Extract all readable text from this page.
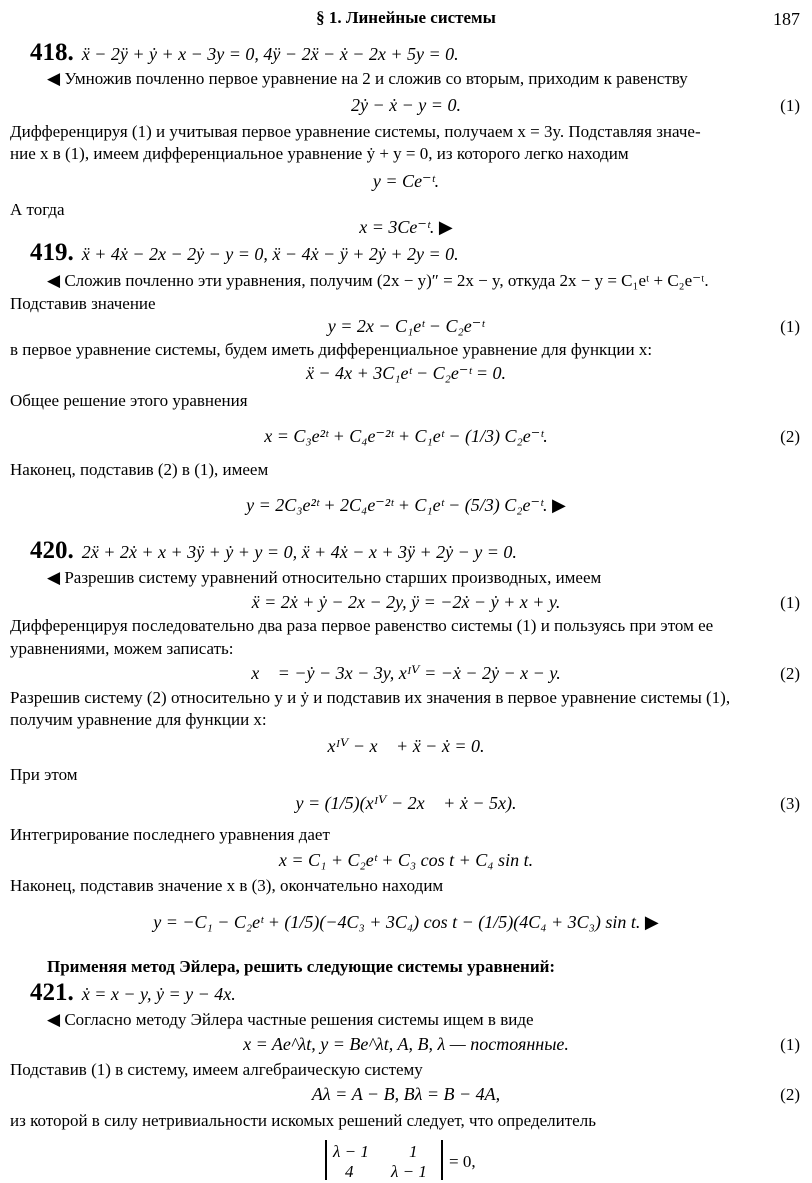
§ 1. Линейные системы	187
418. ẍ − 2ÿ + ẏ + x − 3y = 0, 4ÿ − 2ẍ − ẋ − 2x + 5y = 0.
◀ Умножив почленно первое уравнение на 2 и сложив со вторым, приходим к равенству
2ẏ − ẋ − y = 0.	(1)
Дифференцируя (1) и учитывая первое уравнение системы, получаем x = 3y. Подставляя значе-
ние x в (1), имеем дифференциальное уравнение ẏ + y = 0, из которого легко находим
y = Ce⁻ᵗ.
А тогда
x = 3Ce⁻ᵗ. ▶
419. ẍ + 4ẋ − 2x − 2ẏ − y = 0, ẍ − 4ẋ − ÿ + 2ẏ + 2y = 0.
◀ Сложив почленно эти уравнения, получим (2x − y)″ = 2x − y, откуда 2x − y = C₁eᵗ + C₂e⁻ᵗ.
Подставив значение
y = 2x − C₁eᵗ − C₂e⁻ᵗ	(1)
в первое уравнение системы, будем иметь дифференциальное уравнение для функции x:
ẍ − 4x + 3C₁eᵗ − C₂e⁻ᵗ = 0.
Общее решение этого уравнения
x = C₃e²ᵗ + C₄e⁻²ᵗ + C₁eᵗ − (1/3) C₂e⁻ᵗ.	(2)
Наконец, подставив (2) в (1), имеем
y = 2C₃e²ᵗ + 2C₄e⁻²ᵗ + C₁eᵗ − (5/3) C₂e⁻ᵗ. ▶
420. 2ẍ + 2ẋ + x + 3ÿ + ẏ + y = 0, ẍ + 4ẋ − x + 3ÿ + 2ẏ − y = 0.
◀ Разрешив систему уравнений относительно старших производных, имеем
ẍ = 2ẋ + ẏ − 2x − 2y, ÿ = −2ẋ − ẏ + x + y.	(1)
Дифференцируя последовательно два раза первое равенство системы (1) и пользуясь при этом ее
уравнениями, можем записать:
x⃛ = −ẏ − 3x − 3y, xᴵⱽ = −ẋ − 2ẏ − x − y.	(2)
Разрешив систему (2) относительно y и ẏ и подставив их значения в первое уравнение системы (1),
получим уравнение для функции x:
xᴵⱽ − x⃛ + ẍ − ẋ = 0.
При этом
y = (1/5)(xᴵⱽ − 2x⃛ + ẋ − 5x).	(3)
Интегрирование последнего уравнения дает
x = C₁ + C₂eᵗ + C₃ cos t + C₄ sin t.
Наконец, подставив значение x в (3), окончательно находим
y = −C₁ − C₂eᵗ + (1/5)(−4C₃ + 3C₄) cos t − (1/5)(4C₄ + 3C₃) sin t. ▶
Применяя метод Эйлера, решить следующие системы уравнений:
421. ẋ = x − y, ẏ = y − 4x.
◀ Согласно методу Эйлера частные решения системы ищем в виде
x = Ae^λt, y = Be^λt, A, B, λ — постоянные.	(1)
Подставив (1) в систему, имеем алгебраическую систему
Aλ = A − B, Bλ = B − 4A,	(2)
из которой в силу нетривиальности искомых решений следует, что определитель
λ − 1 1
4 λ − 1
= 0,
